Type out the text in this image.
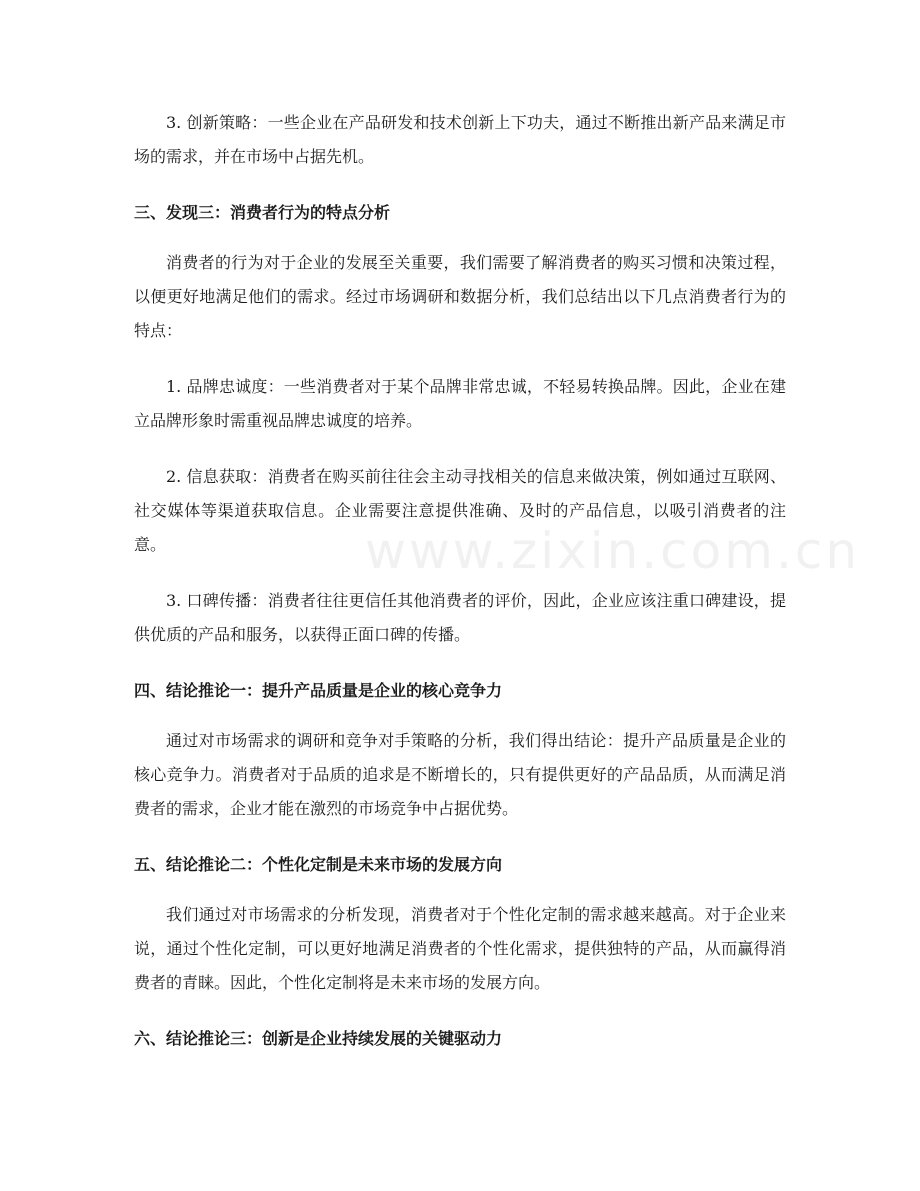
3. 创新策略：一些企业在产品研发和技术创新上下功夫，通过不断推出新产品来满足市场的需求，并在市场中占据先机。

三、发现三：消费者行为的特点分析

消费者的行为对于企业的发展至关重要，我们需要了解消费者的购买习惯和决策过程，以便更好地满足他们的需求。经过市场调研和数据分析，我们总结出以下几点消费者行为的特点：

1. 品牌忠诚度：一些消费者对于某个品牌非常忠诚，不轻易转换品牌。因此，企业在建立品牌形象时需重视品牌忠诚度的培养。

2. 信息获取：消费者在购买前往往会主动寻找相关的信息来做决策，例如通过互联网、社交媒体等渠道获取信息。企业需要注意提供准确、及时的产品信息，以吸引消费者的注意。

3. 口碑传播：消费者往往更信任其他消费者的评价，因此，企业应该注重口碑建设，提供优质的产品和服务，以获得正面口碑的传播。

四、结论推论一：提升产品质量是企业的核心竞争力

通过对市场需求的调研和竞争对手策略的分析，我们得出结论：提升产品质量是企业的核心竞争力。消费者对于品质的追求是不断增长的，只有提供更好的产品品质，从而满足消费者的需求，企业才能在激烈的市场竞争中占据优势。

五、结论推论二：个性化定制是未来市场的发展方向

我们通过对市场需求的分析发现，消费者对于个性化定制的需求越来越高。对于企业来说，通过个性化定制，可以更好地满足消费者的个性化需求，提供独特的产品，从而赢得消费者的青睐。因此，个性化定制将是未来市场的发展方向。

六、结论推论三：创新是企业持续发展的关键驱动力
www.zixin.com.cn
